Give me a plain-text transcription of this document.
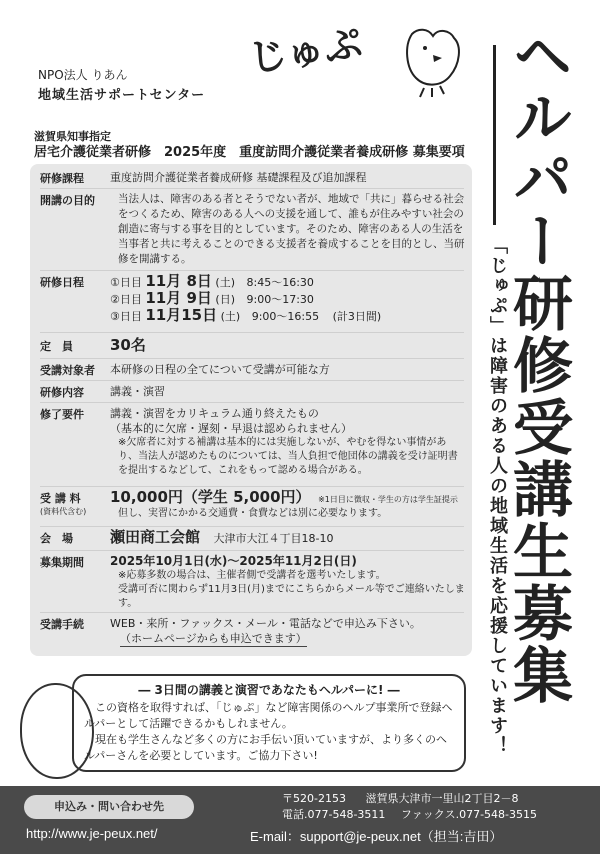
NPO法人 りあん
地域生活サポートセンター
じゅぷ
滋賀県知事指定
居宅介護従業者研修　2025年度　重度訪問介護従業者養成研修 募集要項 ヘルパー研修受講生募集
「じゅぷ」は障害のある人の地域生活を応援しています！
研修課程 重度訪問介護従業者養成研修 基礎課程及び追加課程
開講の目的	当法人は、障害のある者とそうでない者が、地域で「共に」暮らせる社会をつくるため、障害のある人への支援を通して、誰もが住みやすい社会の創造に寄与する事を目的としています。そのため、障害のある人の生活を当事者と共に考えることのできる支援者を養成することを目的とし、当研修を開講する。
研修日程 ①日目 11月 8日 (土) 8:45～16:30
②日目 11月 9日 (日) 9:00～17:30
③日目 11月15日 (土) 9:00～16:55 (計3日間)
定　員 30名
受講対象者 本研修の日程の全てについて受講が可能な方
研修内容 講義・演習
修了要件 講義・演習をカリキュラム通り終えたもの
（基本的に欠席・遅刻・早退は認められません）
※欠席者に対する補講は基本的には実施しないが、やむを得ない事情があり、当法人が認めたものについては、当人負担で他団体の講義を受け証明書を提出するなどして、これをもって認める場合がある。
受 講 料
(資料代含む)
10,000円（学生 5,000円） ※1日目に徴収・学生の方は学生証提示
但し、実習にかかる交通費・食費などは別に必要なります。
会　場 瀬田商工会館 大津市大江４丁目18-10
募集期間 2025年10月1日(水)～2025年11月2日(日)
※応募多数の場合は、主催者側で受講者を選考いたします。
受講可否に関わらず11月3日(月)までにこちらからメール等でご連絡いたします。
受講手続 WEB・来所・ファックス・メール・電話などで申込み下さい。
（ホームページからも申込できます）
― 3日間の講義と演習であなたもヘルパーに! ―
この資格を取得すれば、「じゅぷ」など障害関係のヘルプ事業所で登録ヘルパーとして活躍できるかもしれません。
現在も学生さんなど多くの方にお手伝い頂いていますが、より多くのヘルパーさんを必要としています。ご協力下さい!
申込み・問い合わせ先
〒520-2153 滋賀県大津市一里山2丁目2－8
電話.077-548-3511 ファックス.077-548-3515
http://www.je-peux.net/	E-mail：support@je-peux.net（担当:吉田）
